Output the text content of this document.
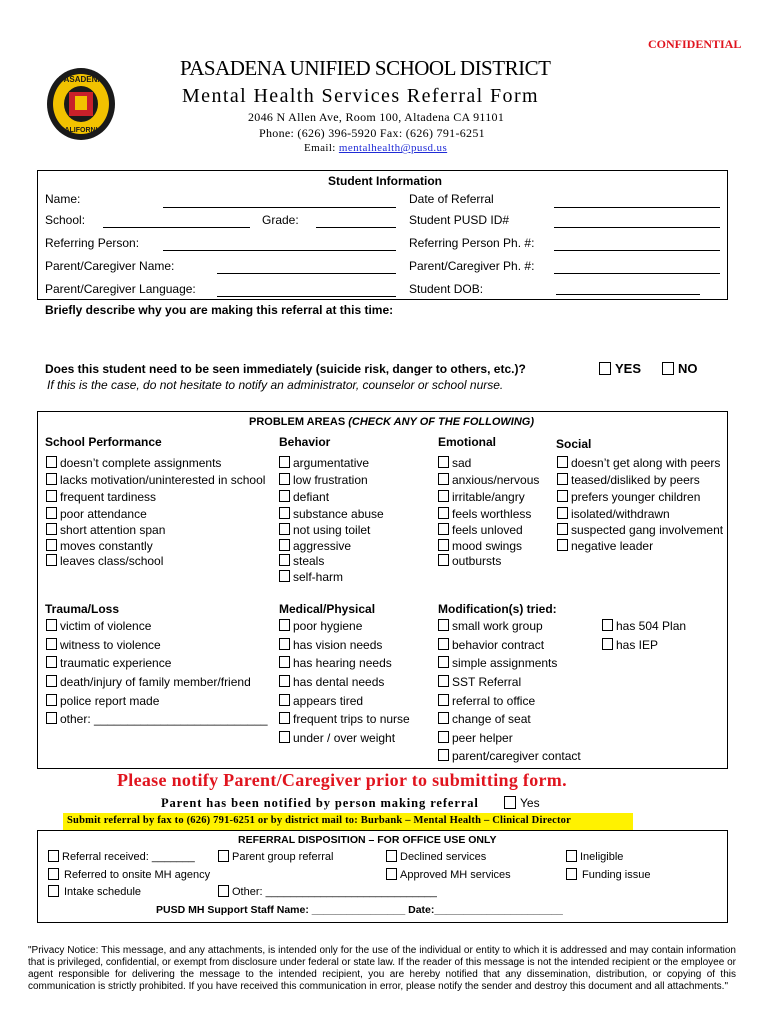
CONFIDENTIAL
PASADENA
CALIFORNIA
PASADENA UNIFIED SCHOOL DISTRICT
Mental Health Services Referral Form
2046 N Allen Ave, Room 100, Altadena CA 91101
Phone: (626) 396-5920 Fax: (626) 791-6251
Email: mentalhealth@pusd.us
Student Information
Name:	Date of Referral
School:	Grade:	Student PUSD ID#
Referring Person:	Referring Person Ph. #:
Parent/Caregiver Name:	Parent/Caregiver Ph. #:
Parent/Caregiver Language:	Student DOB:
Briefly describe why you are making this referral at this time:
Does this student need to be seen immediately (suicide risk, danger to others, etc.)?
If this is the case, do not hesitate to notify an administrator, counselor or school nurse.
YES	NO
PROBLEM AREAS (CHECK ANY OF THE FOLLOWING)
School Performance	Behavior	Emotional	Social
doesn’t complete assignments
lacks motivation/uninterested in school
frequent tardiness
poor attendance
short attention span
moves constantly
leaves class/school
argumentative
low frustration
defiant
substance abuse
not using toilet
aggressive
steals
self-harm
sad
anxious/nervous
irritable/angry
feels worthless
feels unloved
mood swings
outbursts
doesn’t get along with peers
teased/disliked by peers
prefers younger children
isolated/withdrawn
suspected gang involvement
negative leader
Trauma/Loss	Medical/Physical	Modification(s) tried:
victim of violence
witness to violence
traumatic experience
death/injury of family member/friend
police report made
other: __________________________
poor hygiene
has vision needs
has hearing needs
has dental needs
appears tired
frequent trips to nurse
under / over weight
small work group
behavior contract
simple assignments
SST Referral
referral to office
change of seat
peer helper
parent/caregiver contact
has 504 Plan
has IEP
Please notify Parent/Caregiver prior to submitting form.
Parent has been notified by person making referral	Yes
Submit referral by fax to (626) 791-6251 or by district mail to: Burbank – Mental Health – Clinical Director
REFERRAL DISPOSITION – FOR OFFICE USE ONLY
Referral received: _______	Parent group referral	Declined services	Ineligible
Referred to onsite MH agency	Approved MH services	Funding issue
Intake schedule	Other: ____________________________
PUSD MH Support Staff Name: ________________ Date:______________________
"Privacy Notice: This message, and any attachments, is intended only for the use of the individual or entity to which it is addressed and may contain information that is privileged, confidential, or exempt from disclosure under federal or state law. If the reader of this message is not the intended recipient or the employee or agent responsible for delivering the message to the intended recipient, you are hereby notified that any dissemination, distribution, or copying of this communication is strictly prohibited. If you have received this communication in error, please notify the sender and destroy this document and all attachments."
